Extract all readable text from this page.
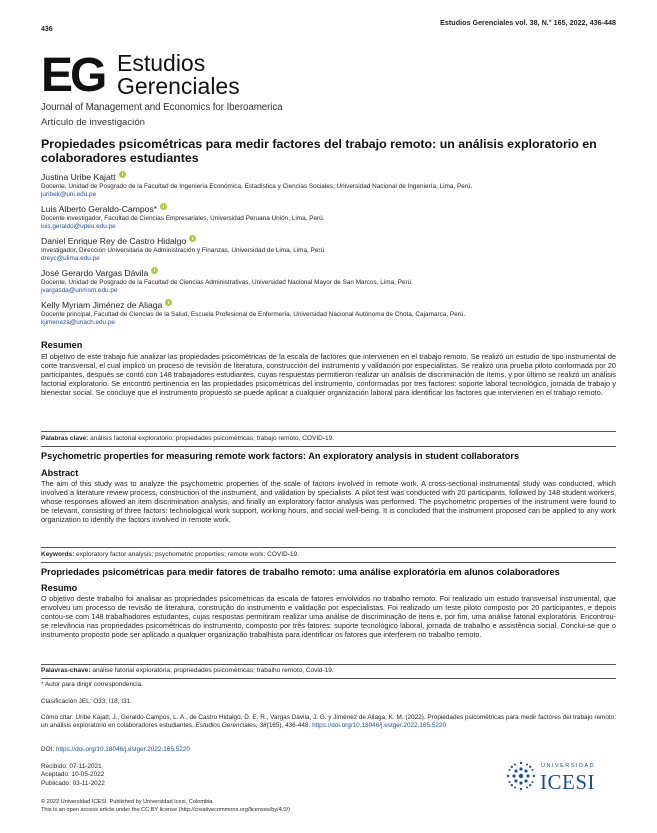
436
Estudios Gerenciales vol. 38, N.° 165, 2022, 436-448
EG Estudios
Gerenciales
Journal of Management and Economics for Iberoamerica
Artículo de investigación
Propiedades psicométricas para medir factores del trabajo remoto: un análisis exploratorio en colaboradores estudiantes
Justina Uribe Kajatt
Docente, Unidad de Posgrado de la Facultad de Ingeniería Económica, Estadística y Ciencias Sociales, Universidad Nacional de Ingeniería, Lima, Perú.
juribek@uni.edu.pe
Luis Alberto Geraldo-Campos*
Docente investigador, Facultad de Ciencias Empresariales, Universidad Peruana Unión, Lima, Perú.
luis.geraldo@upeu.edu.pe
Daniel Enrique Rey de Castro Hidalgo
Investigador, Dirección Universitaria de Administración y Finanzas, Universidad de Lima, Lima, Perú.
dreyc@ulima.edu.pe
José Gerardo Vargas Dávila
Docente, Unidad de Posgrado de la Facultad de Ciencias Administrativas, Universidad Nacional Mayor de San Marcos, Lima, Perú.
jvargasda@unmsm.edu.pe
Kelly Myriam Jiménez de Aliaga
Docente principal, Facultad de Ciencias de la Salud, Escuela Profesional de Enfermería, Universidad Nacional Autónoma de Chota, Cajamarca, Perú.
kjimeneza@unach.edu.pe
Resumen

El objetivo de este trabajo fue analizar las propiedades psicométricas de la escala de factores que intervienen en el trabajo remoto. Se realizó un estudio de tipo instrumental de corte transversal, el cual implicó un proceso de revisión de literatura, construcción del instrumento y validación por especialistas. Se realizó una prueba piloto conformada por 20 participantes, después se contó con 148 trabajadores estudiantes, cuyas respuestas permitieron realizar un análisis de discriminación de ítems, y por último se realizó un análisis factorial exploratorio. Se encontró pertinencia en las propiedades psicométricas del instrumento, conformadas por tres factores: soporte laboral tecnológico, jornada de trabajo y bienestar social. Se concluye que el instrumento propuesto se puede aplicar a cualquier organización laboral para identificar los factores que intervienen en el trabajo remoto.

Palabras clave: análisis factorial exploratorio; propiedades psicométricas; trabajo remoto, COVID-19.
Psychometric properties for measuring remote work factors: An exploratory analysis in student collaborators
Abstract

The aim of this study was to analyze the psychometric properties of the scale of factors involved in remote work. A cross-sectional instrumental study was conducted, which involved a literature review process, construction of the instrument, and validation by specialists. A pilot test was conducted with 20 participants, followed by 148 student workers, whose responses allowed an item discrimination analysis, and finally an exploratory factor analysis was performed. The psychometric properties of the instrument were found to be relevant, consisting of three factors: technological work support, working hours, and social well-being. It is concluded that the instrument proposed can be applied to any work organization to identify the factors involved in remote work.

Keywords: exploratory factor analysis; psychometric properties; remote work; COVID-19.
Propriedades psicométricas para medir fatores de trabalho remoto: uma análise exploratória em alunos colaboradores
Resumo

O objetivo deste trabalho foi analisar as propriedades psicométricas da escala de fatores envolvidos no trabalho remoto. Foi realizado um estudo transversal instrumental, que envolveu um processo de revisão de literatura, construção do instrumento e validação por especialistas. Foi realizado um teste piloto composto por 20 participantes, e depois contou-se com 148 trabalhadores estudantes, cujas respostas permitiram realizar uma análise de discriminação de itens e, por fim, uma análise fatorial exploratória. Encontrou-se relevância nas propriedades psicométricas do instrumento, composto por três fatores: suporte tecnológico laboral, jornada de trabalho e assistência social. Conclui-se que o instrumento proposto pode ser aplicado a qualquer organização trabalhista para identificar os fatores que interferem no trabalho remoto.

Palavras-chave: análise fatorial exploratória; propriedades psicométricas; trabalho remoto, Covid-19.
* Autor para dirigir correspondencia.
Clasificación JEL: O33; I18; I31.
Cómo citar: Uribe Kajatt, J., Geraldo-Campos, L. A., de Castro Hidalgo, D. E. R., Vargas Dávila, J. G. y Jiménez de Aliaga, K. M. (2022). Propiedades psicométricas para medir factores del trabajo remoto: un análisis exploratorio en colaboradores estudiantes. Estudios Gerenciales, 38(165), 436-448. https://doi.org/10.18046/j.estger.2022.165.5220
DOI: https://doi.org/10.18046/j.estger.2022.165.5220
Recibido: 07-11-2021
Aceptado: 10-05-2022
Publicado: 03-11-2022
© 2022 Universidad ICESI. Published by Universidad Icesi, Colombia.
This is an open access article under the CC BY license (http://creativecommons.org/licenses/by/4.0/)
UNIVERSIDAD
ICESI
